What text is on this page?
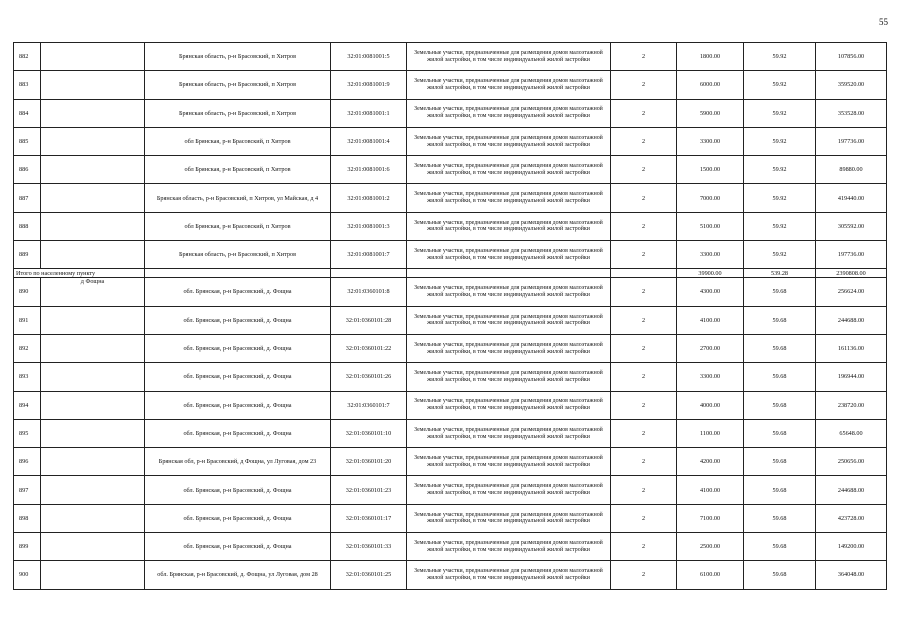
55
882		Брянская область, р-н Брасовский, п Хитров	32:01:0081001:5	Земельные участки, предназначенные для размещения домов малоэтажной жилой застройки, в том числе индивидуальной жилой застройки	2	1800.00	59.92	107856.00
883		Брянская область, р-н Брасовский, п Хитров	32:01:0081001:9	Земельные участки, предназначенные для размещения домов малоэтажной жилой застройки, в том числе индивидуальной жилой застройки	2	6000.00	59.92	359520.00
884		Брянская область, р-н Брасовский, п Хитров	32:01:0081001:1	Земельные участки, предназначенные для размещения домов малоэтажной жилой застройки, в том числе индивидуальной жилой застройки	2	5900.00	59.92	353528.00
885		обл Брянская, р-н Брасовский, п Хитров	32:01:0081001:4	Земельные участки, предназначенные для размещения домов малоэтажной жилой застройки, в том числе индивидуальной жилой застройки	2	3300.00	59.92	197736.00
886		обл Брянская, р-н Брасовский, п Хитров	32:01:0081001:6	Земельные участки, предназначенные для размещения домов малоэтажной жилой застройки, в том числе индивидуальной жилой застройки	2	1500.00	59.92	89880.00
887		Брянская область, р-н Брасовский, п Хитров, ул Майская, д 4	32:01:0081001:2	Земельные участки, предназначенные для размещения домов малоэтажной жилой застройки, в том числе индивидуальной жилой застройки	2	7000.00	59.92	419440.00
888		обл Брянская, р-н Брасовский, п Хитров	32:01:0081001:3	Земельные участки, предназначенные для размещения домов малоэтажной жилой застройки, в том числе индивидуальной жилой застройки	2	5100.00	59.92	305592.00
889		Брянская область, р-н Брасовский, п Хитров	32:01:0081001:7	Земельные участки, предназначенные для размещения домов малоэтажной жилой застройки, в том числе индивидуальной жилой застройки	2	3300.00	59.92	197736.00
Итого по населенному пункту						39900.00	539.28	2390808.00
890	д Фощна	обл. Брянская, р-н Брасовский, д. Фощна	32:01:0360101:8	Земельные участки, предназначенные для размещения домов малоэтажной жилой застройки, в том числе индивидуальной жилой застройки	2	4300.00	59.68	256624.00
891		обл. Брянская, р-н Брасовский, д. Фощна	32:01:0360101:28	Земельные участки, предназначенные для размещения домов малоэтажной жилой застройки, в том числе индивидуальной жилой застройки	2	4100.00	59.68	244688.00
892		обл. Брянская, р-н Брасовский, д. Фощна	32:01:0360101:22	Земельные участки, предназначенные для размещения домов малоэтажной жилой застройки, в том числе индивидуальной жилой застройки	2	2700.00	59.68	161136.00
893		обл. Брянская, р-н Брасовский, д. Фощна	32:01:0360101:26	Земельные участки, предназначенные для размещения домов малоэтажной жилой застройки, в том числе индивидуальной жилой застройки	2	3300.00	59.68	196944.00
894		обл. Брянская, р-н Брасовский, д. Фощна	32:01:0360101:7	Земельные участки, предназначенные для размещения домов малоэтажной жилой застройки, в том числе индивидуальной жилой застройки	2	4000.00	59.68	238720.00
895		обл. Брянская, р-н Брасовский, д. Фощна	32:01:0360101:10	Земельные участки, предназначенные для размещения домов малоэтажной жилой застройки, в том числе индивидуальной жилой застройки	2	1100.00	59.68	65648.00
896		Брянская обл, р-н Брасовский, д Фощна, ул Луговая, дом 23	32:01:0360101:20	Земельные участки, предназначенные для размещения домов малоэтажной жилой застройки, в том числе индивидуальной жилой застройки	2	4200.00	59.68	250656.00
897		обл. Брянская, р-н Брасовский, д. Фощна	32:01:0360101:23	Земельные участки, предназначенные для размещения домов малоэтажной жилой застройки, в том числе индивидуальной жилой застройки	2	4100.00	59.68	244688.00
898		обл. Брянская, р-н Брасовский, д. Фощна	32:01:0360101:17	Земельные участки, предназначенные для размещения домов малоэтажной жилой застройки, в том числе индивидуальной жилой застройки	2	7100.00	59.68	423728.00
899		обл. Брянская, р-н Брасовский, д. Фощна	32:01:0360101:33	Земельные участки, предназначенные для размещения домов малоэтажной жилой застройки, в том числе индивидуальной жилой застройки	2	2500.00	59.68	149200.00
900		обл. Брянская, р-н Брасовский, д. Фощна, ул Луговая, дом 28	32:01:0360101:25	Земельные участки, предназначенные для размещения домов малоэтажной жилой застройки, в том числе индивидуальной жилой застройки	2	6100.00	59.68	364048.00
